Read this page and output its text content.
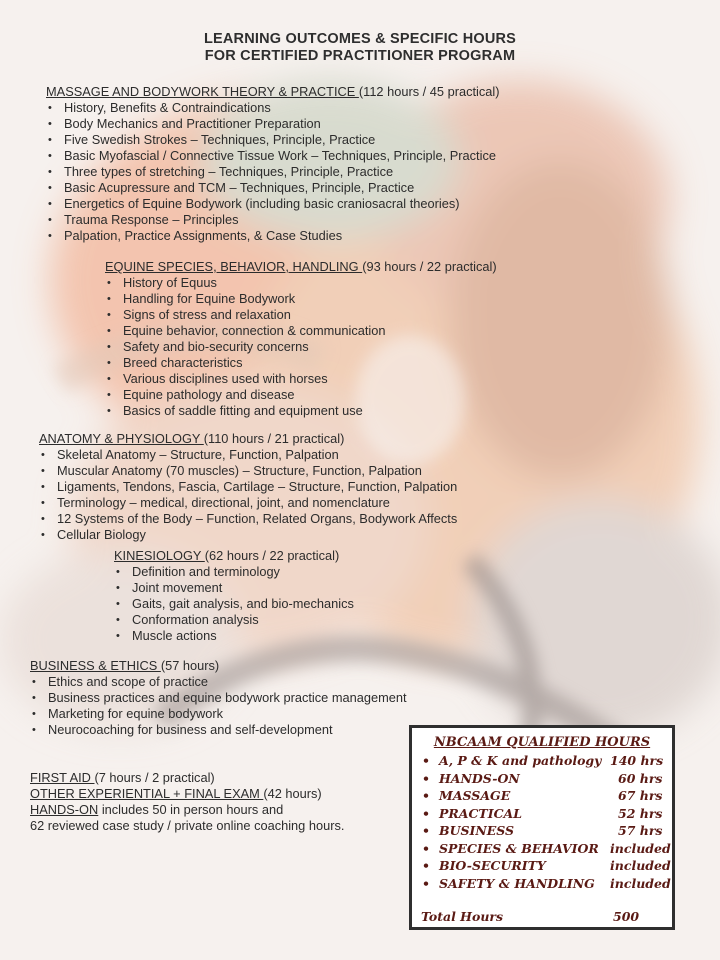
LEARNING OUTCOMES & SPECIFIC HOURS
FOR CERTIFIED PRACTITIONER PROGRAM
MASSAGE AND BODYWORK THEORY & PRACTICE (112 hours / 45 practical)
• History, Benefits & Contraindications
• Body Mechanics and Practitioner Preparation
• Five Swedish Strokes – Techniques, Principle, Practice
• Basic Myofascial / Connective Tissue Work – Techniques, Principle, Practice
• Three types of stretching – Techniques, Principle, Practice
• Basic Acupressure and TCM – Techniques, Principle, Practice
• Energetics of Equine Bodywork (including basic craniosacral theories)
• Trauma Response – Principles
• Palpation, Practice Assignments, & Case Studies
EQUINE SPECIES, BEHAVIOR, HANDLING (93 hours / 22 practical)
• History of Equus
• Handling for Equine Bodywork
• Signs of stress and relaxation
• Equine behavior, connection & communication
• Safety and bio-security concerns
• Breed characteristics
• Various disciplines used with horses
• Equine pathology and disease
• Basics of saddle fitting and equipment use
ANATOMY & PHYSIOLOGY (110 hours / 21 practical)
• Skeletal Anatomy – Structure, Function, Palpation
• Muscular Anatomy (70 muscles) – Structure, Function, Palpation
• Ligaments, Tendons, Fascia, Cartilage – Structure, Function, Palpation
• Terminology – medical, directional, joint, and nomenclature
• 12 Systems of the Body – Function, Related Organs, Bodywork Affects
• Cellular Biology
KINESIOLOGY (62 hours / 22 practical)
• Definition and terminology
• Joint movement
• Gaits, gait analysis, and bio-mechanics
• Conformation analysis
• Muscle actions
BUSINESS & ETHICS (57 hours)
• Ethics and scope of practice
• Business practices and equine bodywork practice management
• Marketing for equine bodywork
• Neurocoaching for business and self-development
FIRST AID (7 hours / 2 practical)
OTHER EXPERIENTIAL + FINAL EXAM (42 hours)
HANDS-ON includes 50 in person hours and
62 reviewed case study / private online coaching hours.
NBCAAM QUALIFIED HOURS
• A, P & K and pathology 140 hrs
• HANDS-ON	60 hrs
• MASSAGE	67 hrs
• PRACTICAL	52 hrs
• BUSINESS	57 hrs
• SPECIES & BEHAVIOR included
• BIO-SECURITY	included
• SAFETY & HANDLING included
Total Hours	500
